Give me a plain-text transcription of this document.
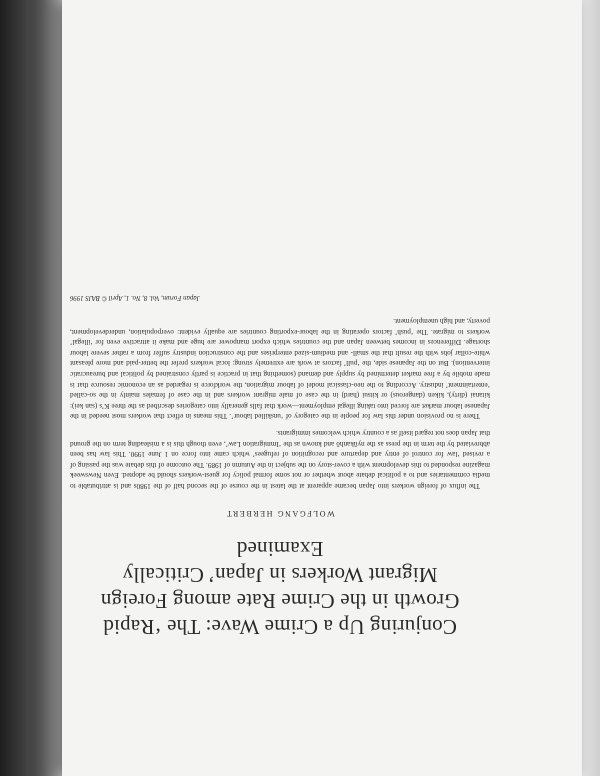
Conjuring Up a Crime Wave: The ‘Rapid Growth in the Crime Rate among Foreign Migrant Workers in Japan’ Critically Examined
WOLFGANG HERBERT

The influx of foreign workers into Japan became apparent at the latest in the course of the second half of the 1980s and is attributable to media commentaries and to a political debate about whether or not some formal policy for guest-workers should be adopted. Even Newsweek magazine responded to this development with a cover-story on the subject in the Autumn of 1989. The outcome of this debate was the passing of a revised ‘law for control of entry and departure and recognition of refugees’ which came into force on 1 June 1990. This law has been abbreviated by the term in the press as the nyūkanhō and known as the ‘Immigration Law’, even though this is a misleading term on the ground that Japan does not regard itself as a country which welcomes immigrants.

There is no provision under this law for people in the category of ‘unskilled labour’. This means in effect that workers most needed in the Japanese labour market are forced into taking illegal employment—work that falls generally into categories described as the three K’s (san kei): kitanai (dirty), kiken (dangerous) or kitsui (hard) in the case of male migrant workers and in the case of females mainly in the so-called ‘entertainment’ industry. According to the neo-classical model of labour migration, the workforce is regarded as an economic resource that is made mobile by a free market determined by supply and demand (something that in practice is partly constrained by political and bureaucratic intervention). But on the Japanese side, the ‘pull’ factors at work are extremely strong: local workers prefer the better-paid and more pleasant white-collar jobs with the result that the small- and medium-sized enterprises and the construction industry suffer from a rather severe labour shortage. Differences in incomes between Japan and the countries which export manpower are huge and make it attractive even for ‘illegal’ workers to migrate. The ‘push’ factors operating in the labour-exporting countries are equally evident: overpopulation, underdevelopment, poverty, and high unemployment.

Japan Forum, Vol. 8, No. 1, April © BAJS 1996
